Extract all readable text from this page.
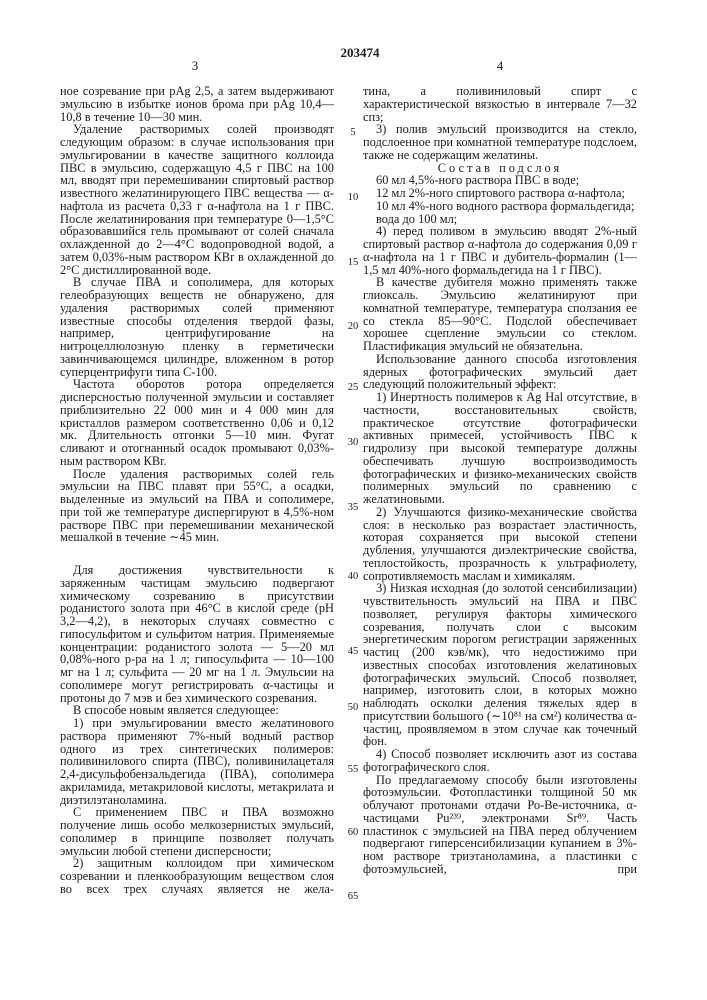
203474
3	4
5
10
15
20
25
30
35
40
45
50
55
60
65

ное созревание при pAg 2,5, а затем выдерживают эмульсию в избытке ионов брома при pAg 10,4—10,8 в течение 10—30 мин.

Удаление растворимых солей производят следующим образом: в случае использования при эмульгировании в качестве защитного коллоида ПВС в эмульсию, содержащую 4,5 г ПВС на 100 мл, вводят при перемешивании спиртовый раствор известного желатинирующего ПВС вещества — α-нафтола из расчета 0,33 г α-нафтола на 1 г ПВС. После желатинирования при температуре 0—1,5°С образовавшийся гель промывают от солей сначала охлажденной до 2—4°С водопроводной водой, а затем 0,03%-ным раствором КВr в охлажденной до 2°С дистиллированной воде.

В случае ПВА и сополимера, для которых гелеобразующих веществ не обнаружено, для удаления растворимых солей применяют известные способы отделения твердой фазы, например, центрифугирование на нитроцеллюлозную пленку в герметически завинчивающемся цилиндре, вложенном в ротор суперцентрифуги типа С-100.

Частота оборотов ротора определяется дисперсностью полученной эмульсии и составляет приблизительно 22 000 мин и 4 000 мин для кристаллов размером соответственно 0,06 и 0,12 мк. Длительность отгонки 5—10 мин. Фугат сливают и отогнанный осадок промывают 0,03%-ным раствором КВr.

После удаления растворимых солей гель эмульсии на ПВС плавят при 55°С, а осадки, выделенные из эмульсий на ПВА и сополимере, при той же температуре диспергируют в 4,5%-ном растворе ПВС при перемешивании механической мешалкой в течение ∼45 мин.

Для достижения чувствительности к заряженным частицам эмульсию подвергают химическому созреванию в присутствии роданистого золота при 46°С в кислой среде (рН 3,2—4,2), в некоторых случаях совместно с гипосульфитом и сульфитом натрия. Применяемые концентрации: роданистого золота — 5—20 мл 0,08%-ного р-ра на 1 л; гипосульфита — 10—100 мг на 1 л; сульфита — 20 мг на 1 л. Эмульсии на сополимере могут регистрировать α-частицы и протоны до 7 мэв и без химического созревания.

В способе новым является следующее:

1) при эмульгировании вместо желатинового раствора применяют 7%-ный водный раствор одного из трех синтетических полимеров: поливинилового спирта (ПВС), поливинилацеталя 2,4-дисульфобензальдегида (ПВА), сополимера акриламида, метакриловой кислоты, метакрилата и диэтилэтаноламина.

С применением ПВС и ПВА возможно получение лишь особо мелкозернистых эмульсий, сополимер в принципе позволяет получать эмульсии любой степени дисперсности;

2) защитным коллоидом при химическом созревании и пленкообразующим веществом слоя во всех трех случаях является не жела-

тина, а поливиниловый спирт с характеристической вязкостью в интервале 7—32 спз;

3) полив эмульсий производится на стекло, подслоенное при комнатной температуре подслоем, также не содержащим желатины.

Состав подслоя

60 мл 4,5%-ного раствора ПВС в воде;

12 мл 2%-ного спиртового раствора α-нафтола;

10 мл 4%-ного водного раствора формальдегида;

вода до 100 мл;

4) перед поливом в эмульсию вводят 2%-ный спиртовый раствор α-нафтола до содержания 0,09 г α-нафтола на 1 г ПВС и дубитель-формалин (1—1,5 мл 40%-ного формальдегида на 1 г ПВС).

В качестве дубителя можно применять также глиоксаль. Эмульсию желатинируют при комнатной температуре, температура сползания ее со стекла 85—90°С. Подслой обеспечивает хорошее сцепление эмульсии со стеклом. Пластификация эмульсий не обязательна.

Использование данного способа изготовления ядерных фотографических эмульсий дает следующий положительный эффект:

1) Инертность полимеров к Ag Hal отсутствие, в частности, восстановительных свойств, практическое отсутствие фотографически активных примесей, устойчивость ПВС к гидролизу при высокой температуре должны обеспечивать лучшую воспроизводимость фотографических и физико-механических свойств полимерных эмульсий по сравнению с желатиновыми.

2) Улучшаются физико-механические свойства слоя: в несколько раз возрастает эластичность, которая сохраняется при высокой степени дубления, улучшаются диэлектрические свойства, теплостойкость, прозрачность к ультрафиолету, сопротивляемость маслам и химикалям.

3) Низкая исходная (до золотой сенсибилизации) чувствительность эмульсий на ПВА и ПВС позволяет, регулируя факторы химического созревания, получать слои с высоким энергетическим порогом регистрации заряженных частиц (200 кэв/мк), что недостижимо при известных способах изготовления желатиновых фотографических эмульсий. Способ позволяет, например, изготовить слои, в которых можно наблюдать осколки деления тяжелых ядер в присутствии большого (∼10⁸¹ на см²) количества α-частиц, проявляемом в этом случае как точечный фон.

4) Способ позволяет исключить азот из состава фотографического слоя.

По предлагаемому способу были изготовлены фотоэмульсии. Фотопластинки толщиной 50 мк облучают протонами отдачи Ро-Ве-источника, α-частицами Pu²³⁹, электронами Sr⁸⁹. Часть пластинок с эмульсией на ПВА перед облучением подвергают гиперсенсибилизации купанием в 3%-ном растворе триэтаноламина, а пластинки с фотоэмульсией, при
